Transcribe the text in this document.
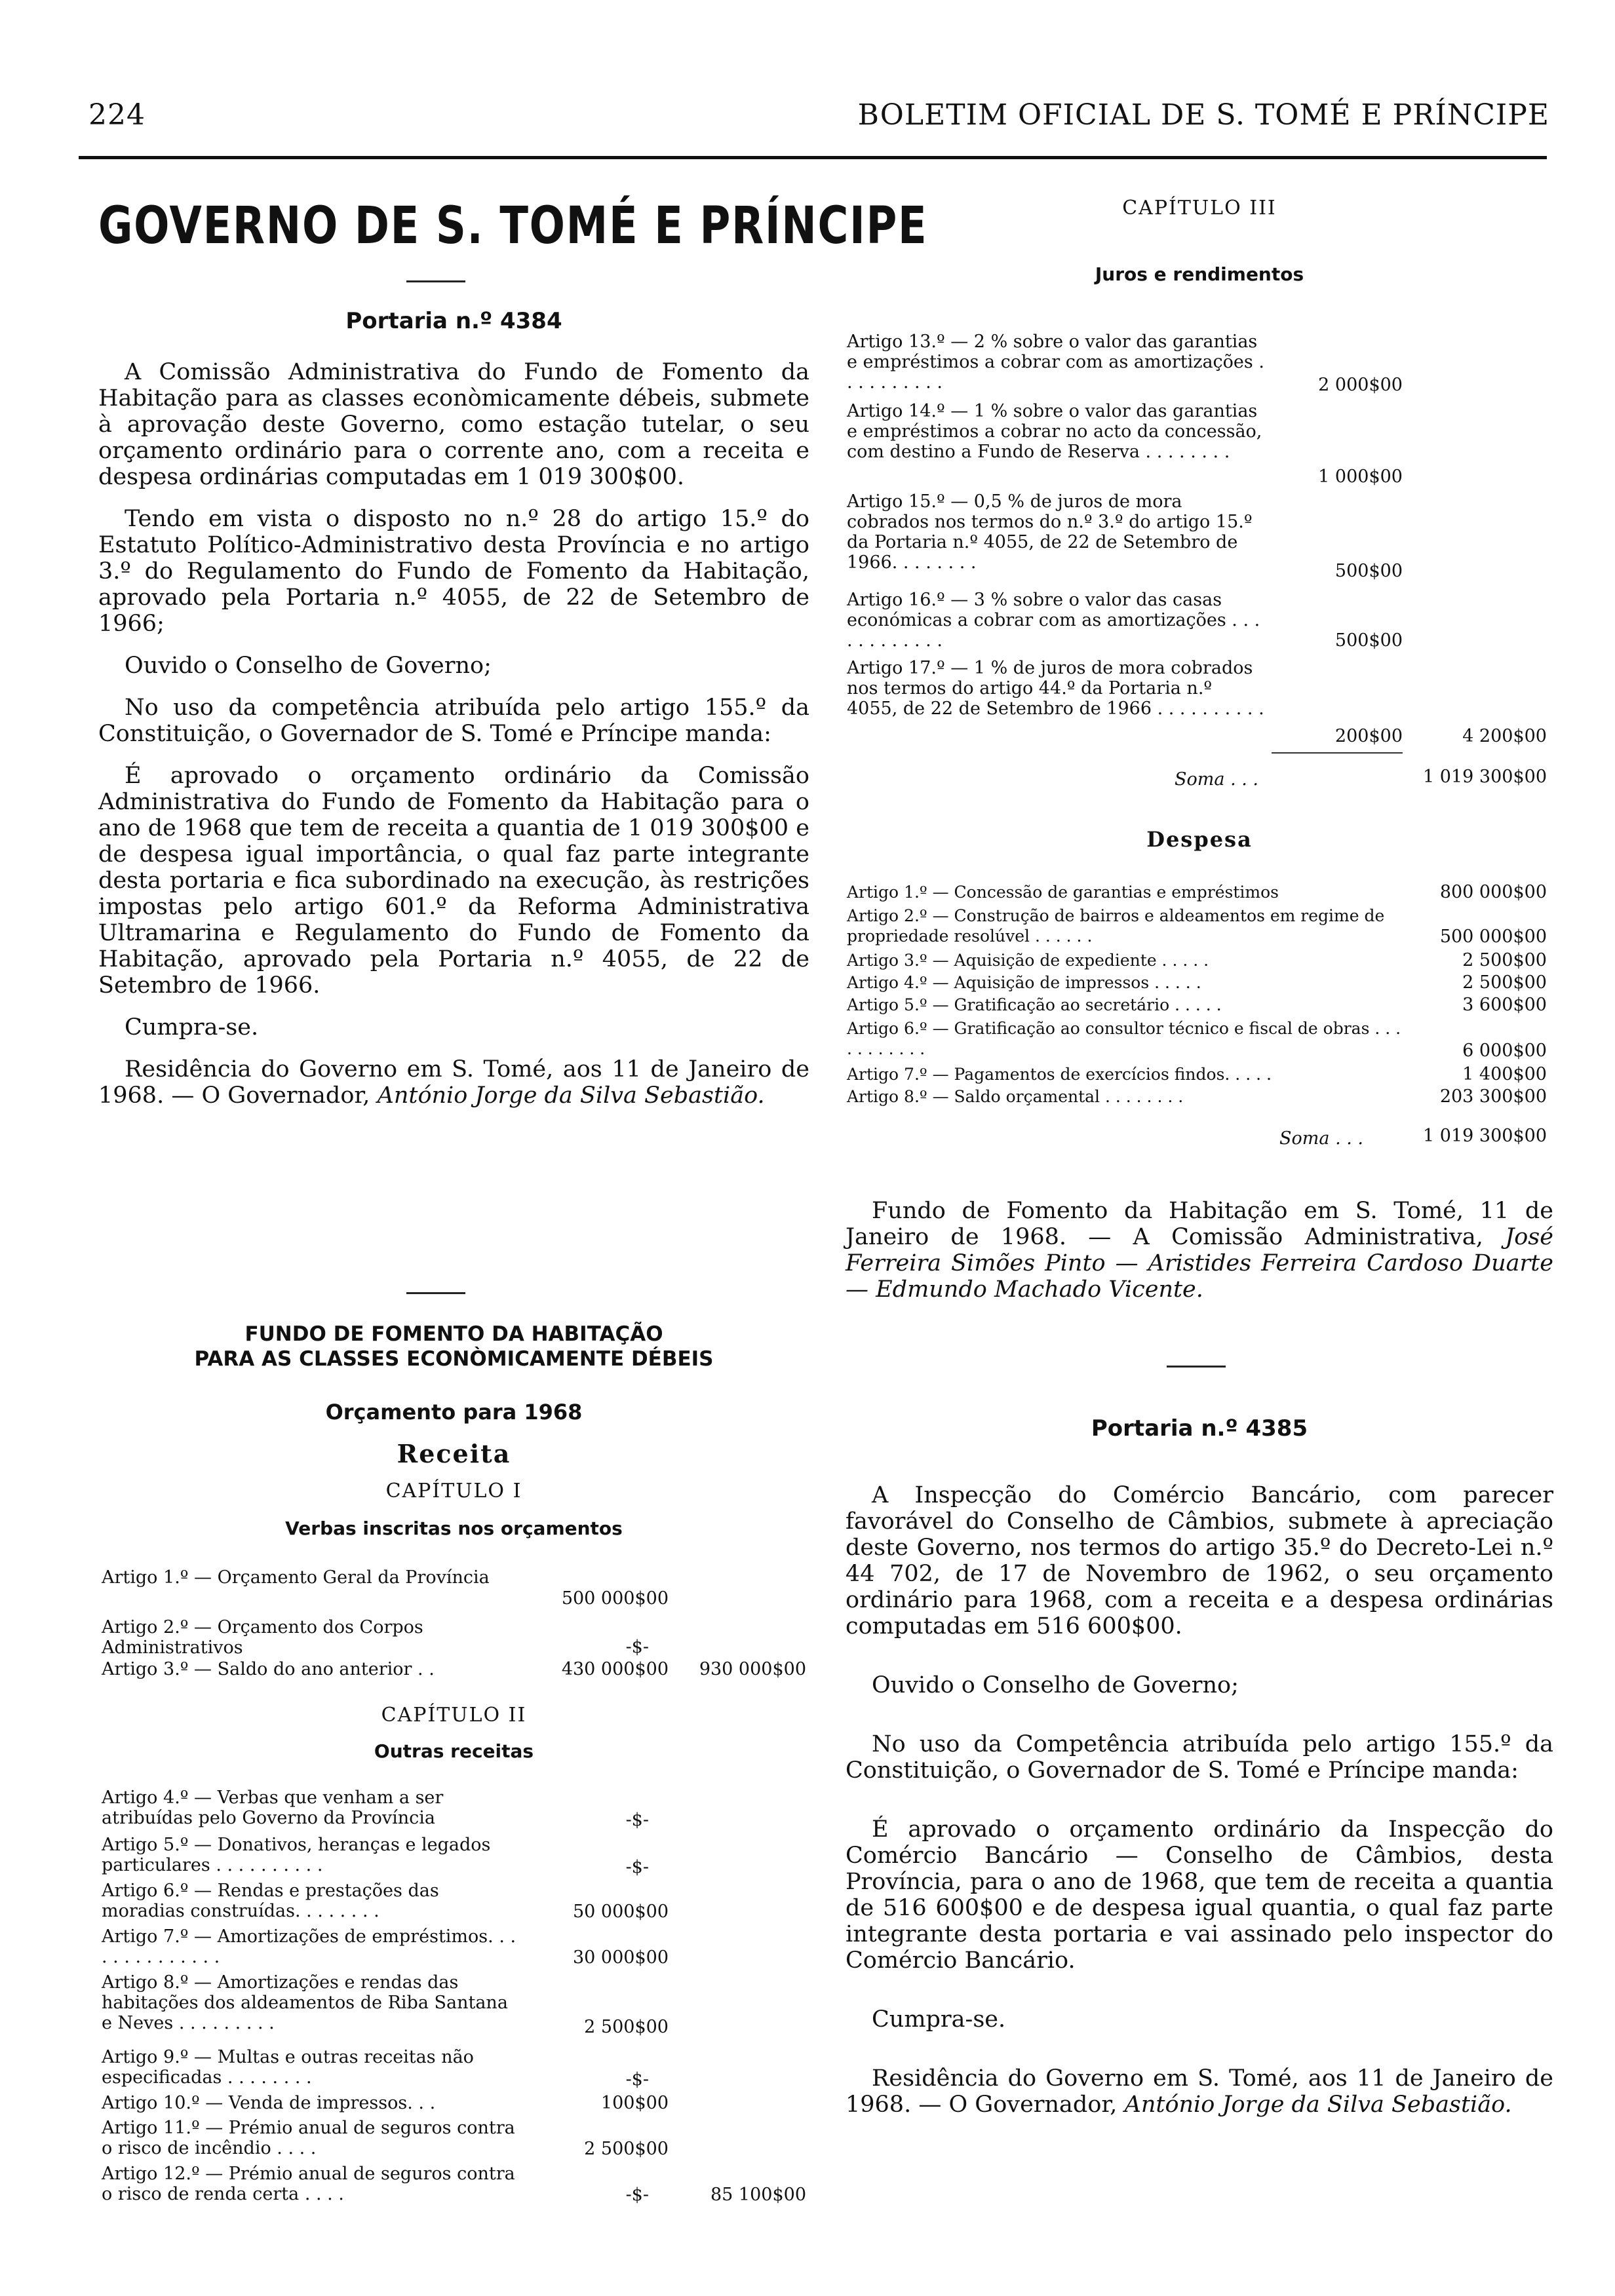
224	BOLETIM OFICIAL DE S. TOMÉ E PRÍNCIPE
GOVERNO DE S. TOMÉ E PRÍNCIPE
Portaria n.º 4384

A Comissão Administrativa do Fundo de Fomento da Habitação para as classes econòmicamente débeis, submete à aprovação deste Governo, como estação tutelar, o seu orçamento ordinário para o corrente ano, com a receita e despesa ordinárias computadas em 1 019 300$00.

Tendo em vista o disposto no n.º 28 do artigo 15.º do Estatuto Político-Administrativo desta Província e no artigo 3.º do Regulamento do Fundo de Fomento da Habitação, aprovado pela Portaria n.º 4055, de 22 de Setembro de 1966;

Ouvido o Conselho de Governo;

No uso da competência atribuída pelo artigo 155.º da Constituição, o Governador de S. Tomé e Príncipe manda:

É aprovado o orçamento ordinário da Comissão Administrativa do Fundo de Fomento da Habitação para o ano de 1968 que tem de receita a quantia de 1 019 300$00 e de despesa igual importância, o qual faz parte integrante desta portaria e fica subordinado na execução, às restrições impostas pelo artigo 601.º da Reforma Administrativa Ultramarina e Regulamento do Fundo de Fomento da Habitação, aprovado pela Portaria n.º 4055, de 22 de Setembro de 1966.

Cumpra-se.

Residência do Governo em S. Tomé, aos 11 de Janeiro de 1968. — O Governador, António Jorge da Silva Sebastião.

FUNDO DE FOMENTO DA HABITAÇÃO
PARA AS CLASSES ECONÒMICAMENTE DÉBEIS
Orçamento para 1968
Receita
CAPÍTULO I
Verbas inscritas nos orçamentos
Artigo 1.º — Orçamento Geral da Província
500 000$00
Artigo 2.º — Orçamento dos Corpos Administrativos	-$-
Artigo 3.º — Saldo do ano anterior . .	430 000$00	930 000$00
CAPÍTULO II
Outras receitas
Artigo 4.º — Verbas que venham a ser atribuídas pelo Governo da Província	-$-
Artigo 5.º — Donativos, heranças e legados particulares . . . . . . . . . .	-$-
Artigo 6.º — Rendas e prestações das moradias construídas. . . . . . . .	50 000$00
Artigo 7.º — Amortizações de empréstimos. . . . . . . . . . . . . .	30 000$00
Artigo 8.º — Amortizações e rendas das habitações dos aldeamentos de Riba Santana e Neves . . . . . . . . .	2 500$00
Artigo 9.º — Multas e outras receitas não especificadas . . . . . . . .	-$-
Artigo 10.º — Venda de impressos. . .	100$00
Artigo 11.º — Prémio anual de seguros contra o risco de incêndio . . . .	2 500$00
Artigo 12.º — Prémio anual de seguros contra o risco de renda certa . . . .	-$-	85 100$00
CAPÍTULO III
Juros e rendimentos
Artigo 13.º — 2 % sobre o valor das garantias e empréstimos a cobrar com as amortizações . . . . . . . . . .	2 000$00
Artigo 14.º — 1 % sobre o valor das garantias e empréstimos a cobrar no acto da concessão, com destino a Fundo de Reserva . . . . . . . .
1 000$00
Artigo 15.º — 0,5 % de juros de mora cobrados nos termos do n.º 3.º do artigo 15.º da Portaria n.º 4055, de 22 de Setembro de 1966. . . . . . . .	500$00
Artigo 16.º — 3 % sobre o valor das casas económicas a cobrar com as amortizações . . . . . . . . . . . .	500$00
Artigo 17.º — 1 % de juros de mora cobrados nos termos do artigo 44.º da Portaria n.º 4055, de 22 de Setembro de 1966 . . . . . . . . . .
200$00	4 200$00
Soma . . .	1 019 300$00
Despesa
Artigo 1.º — Concessão de garantias e empréstimos	800 000$00
Artigo 2.º — Construção de bairros e aldeamentos em regime de propriedade resolúvel . . . . . .	500 000$00
Artigo 3.º — Aquisição de expediente . . . . .	2 500$00
Artigo 4.º — Aquisição de impressos . . . . .	2 500$00
Artigo 5.º — Gratificação ao secretário . . . . .	3 600$00
Artigo 6.º — Gratificação ao consultor técnico e fiscal de obras . . . . . . . . . . .	6 000$00
Artigo 7.º — Pagamentos de exercícios findos. . . . .	1 400$00
Artigo 8.º — Saldo orçamental . . . . . . . .	203 300$00
Soma . . .	1 019 300$00

Fundo de Fomento da Habitação em S. Tomé, 11 de Janeiro de 1968. — A Comissão Administrativa, José Ferreira Simões Pinto — Aristides Ferreira Cardoso Duarte — Edmundo Machado Vicente.

Portaria n.º 4385

A Inspecção do Comércio Bancário, com parecer favorável do Conselho de Câmbios, submete à apreciação deste Governo, nos termos do artigo 35.º do Decreto-Lei n.º 44 702, de 17 de Novembro de 1962, o seu orçamento ordinário para 1968, com a receita e a despesa ordinárias computadas em 516 600$00.

Ouvido o Conselho de Governo;

No uso da Competência atribuída pelo artigo 155.º da Constituição, o Governador de S. Tomé e Príncipe manda:

É aprovado o orçamento ordinário da Inspecção do Comércio Bancário — Conselho de Câmbios, desta Província, para o ano de 1968, que tem de receita a quantia de 516 600$00 e de despesa igual quantia, o qual faz parte integrante desta portaria e vai assinado pelo inspector do Comércio Bancário.

Cumpra-se.

Residência do Governo em S. Tomé, aos 11 de Janeiro de 1968. — O Governador, António Jorge da Silva Sebastião.
